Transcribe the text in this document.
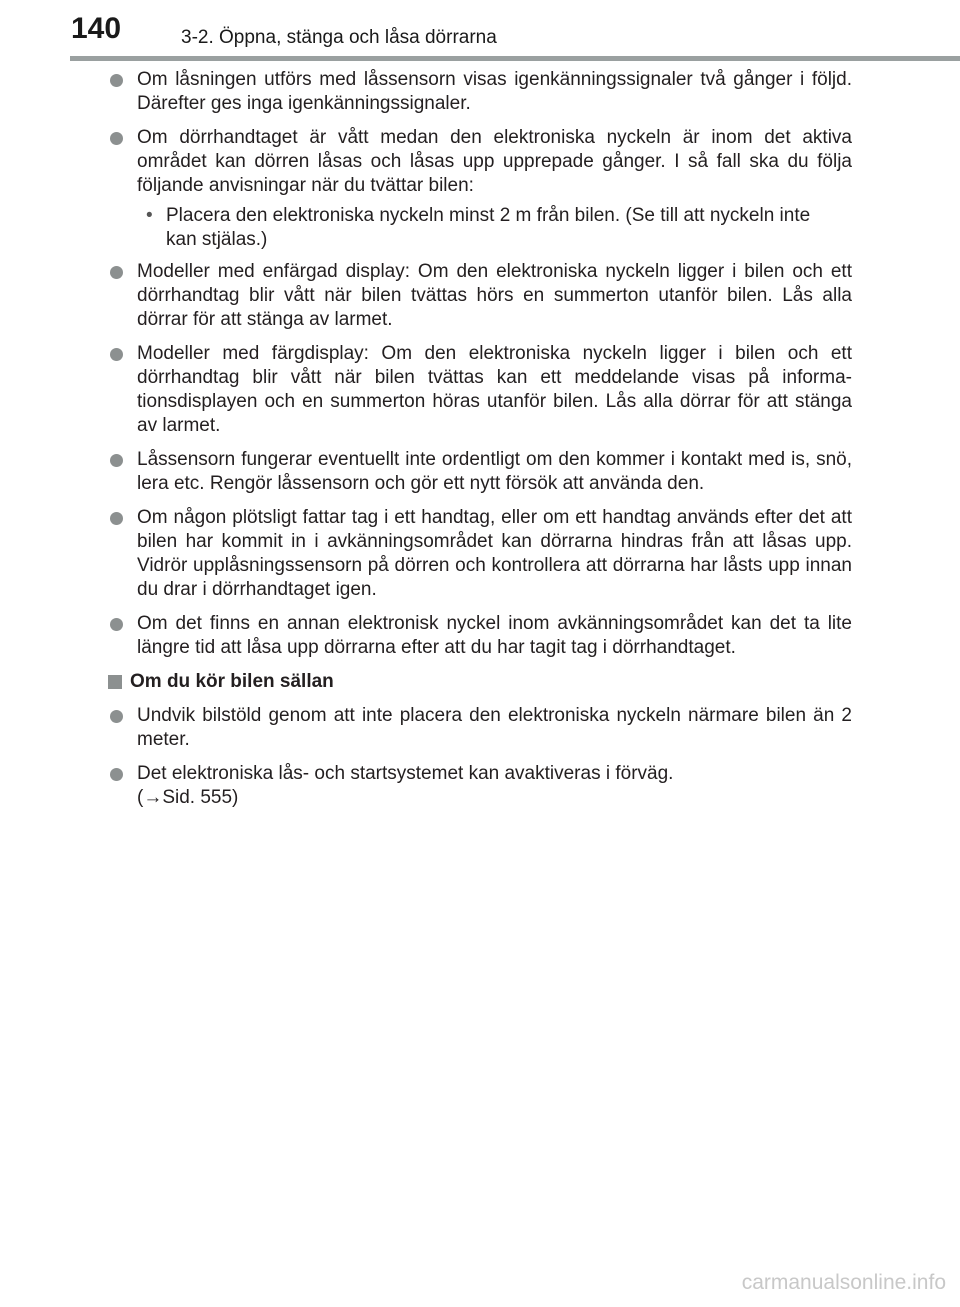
140	3-2. Öppna, stänga och låsa dörrarna
Om låsningen utförs med låssensorn visas igenkänningssignaler två gånger i följd. Därefter ges inga igenkänningssignaler.
Om dörrhandtaget är vått medan den elektroniska nyckeln är inom det aktiva området kan dörren låsas och låsas upp upprepade gånger. I så fall ska du följa följande anvisningar när du tvättar bilen:
• Placera den elektroniska nyckeln minst 2 m från bilen. (Se till att nyckeln inte kan stjälas.)
Modeller med enfärgad display: Om den elektroniska nyckeln ligger i bilen och ett dörrhandtag blir vått när bilen tvättas hörs en summerton utanför bilen. Lås alla dörrar för att stänga av larmet.
Modeller med färgdisplay: Om den elektroniska nyckeln ligger i bilen och ett dörrhandtag blir vått när bilen tvättas kan ett meddelande visas på informationsdisplayen och en summerton höras utanför bilen. Lås alla dörrar för att stänga av larmet.
Låssensorn fungerar eventuellt inte ordentligt om den kommer i kontakt med is, snö, lera etc. Rengör låssensorn och gör ett nytt försök att använda den.
Om någon plötsligt fattar tag i ett handtag, eller om ett handtag används efter det att bilen har kommit in i avkänningsområdet kan dörrarna hindras från att låsas upp. Vidrör upplåsningssensorn på dörren och kontrollera att dörrarna har låsts upp innan du drar i dörrhandtaget igen.
Om det finns en annan elektronisk nyckel inom avkänningsområdet kan det ta lite längre tid att låsa upp dörrarna efter att du har tagit tag i dörrhandtaget.
Om du kör bilen sällan
Undvik bilstöld genom att inte placera den elektroniska nyckeln närmare bilen än 2 meter.
Det elektroniska lås- och startsystemet kan avaktiveras i förväg.
(→Sid. 555)
carmanualsonline.info
